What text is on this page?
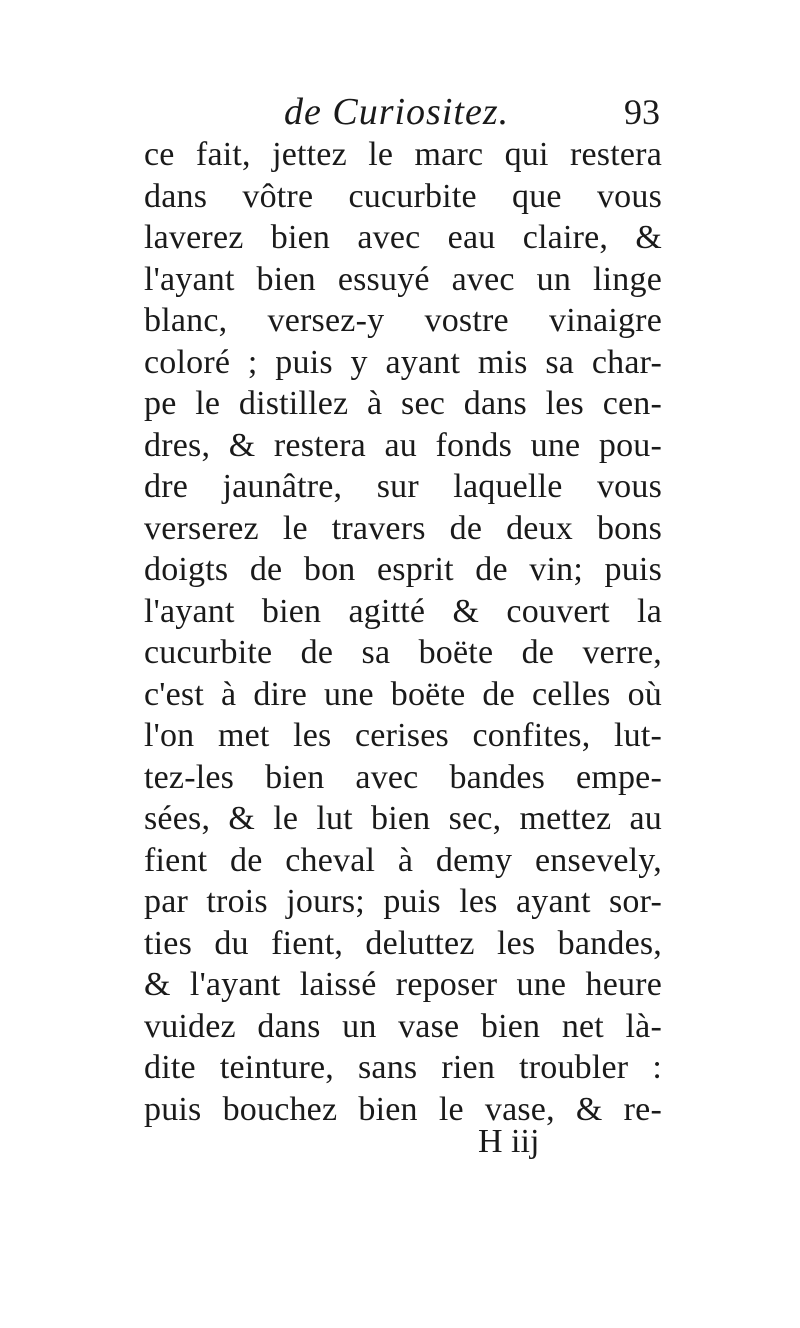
de Curiositez.	93
ce fait, jettez le marc qui restera
dans vôtre cucurbite que vous
laverez bien avec eau claire, &
l'ayant bien essuyé avec un linge
blanc, versez-y vostre vinaigre
coloré ; puis y ayant mis sa char-
pe le distillez à sec dans les cen-
dres, & restera au fonds une pou-
dre jaunâtre, sur laquelle vous
verserez le travers de deux bons
doigts de bon esprit de vin; puis
l'ayant bien agitté & couvert la
cucurbite de sa boëte de verre,
c'est à dire une boëte de celles où
l'on met les cerises confites, lut-
tez-les bien avec bandes empe-
sées, & le lut bien sec, mettez au
fient de cheval à demy ensevely,
par trois jours; puis les ayant sor-
ties du fient, deluttez les bandes,
& l'ayant laissé reposer une heure
vuidez dans un vase bien net là-
dite teinture, sans rien troubler :
puis bouchez bien le vase, & re-
H iij
